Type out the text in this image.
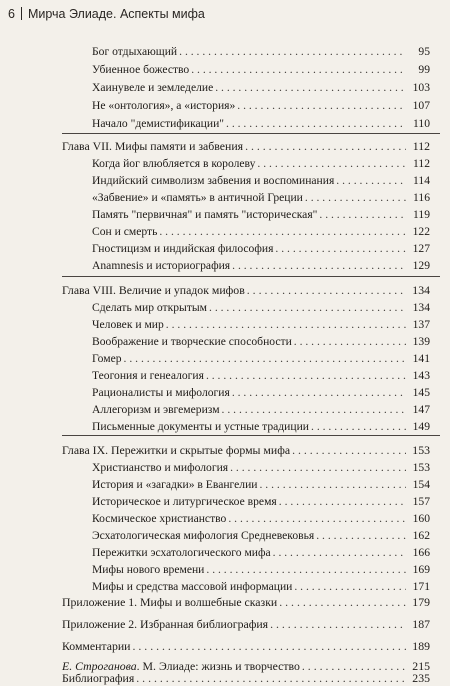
6 Мирча Элиаде. Аспекты мифа
Бог отдыхающий . . .	95
Убиенное божество . . .	99
Хаинувеле и земледелие . . .	103
Не «онтология», а «история» . . .	107
Начало "демистификации" . . .	110
Глава VII. Мифы памяти и забвения . . .	112
Когда йог влюбляется в королеву . . .	112
Индийский символизм забвения и воспоминания . . .	114
«Забвение» и «память» в античной Греции . . .	116
Память "первичная" и память "историческая" . . .	119
Сон и смерть . . .	122
Гностицизм и индийская философия . . .	127
Anamnesis и историография . . .	129
Глава VIII. Величие и упадок мифов . . .	134
Сделать мир открытым . . .	134
Человек и мир . . .	137
Воображение и творческие способности . . .	139
Гомер . . .	141
Теогония и генеалогия . . .	143
Рационалисты и мифология . . .	145
Аллегоризм и эвгемеризм . . .	147
Письменные документы и устные традиции . . .	149
Глава IX. Пережитки и скрытые формы мифа . . .	153
Христианство и мифология . . .	153
История и «загадки» в Евангелии . . .	154
Историческое и литургическое время . . .	157
Космическое христианство . . .	160
Эсхатологическая мифология Средневековья . . .	162
Пережитки эсхатологического мифа . . .	166
Мифы нового времени . . .	169
Мифы и средства массовой информации . . .	171
Приложение 1. Мифы и волшебные сказки . . .	179
Приложение 2. Избранная библиография . . .	187
Комментарии . . .	189
Е. Строганова. М. Элиаде: жизнь и творчество . . .	215
Библиография . . .	235
